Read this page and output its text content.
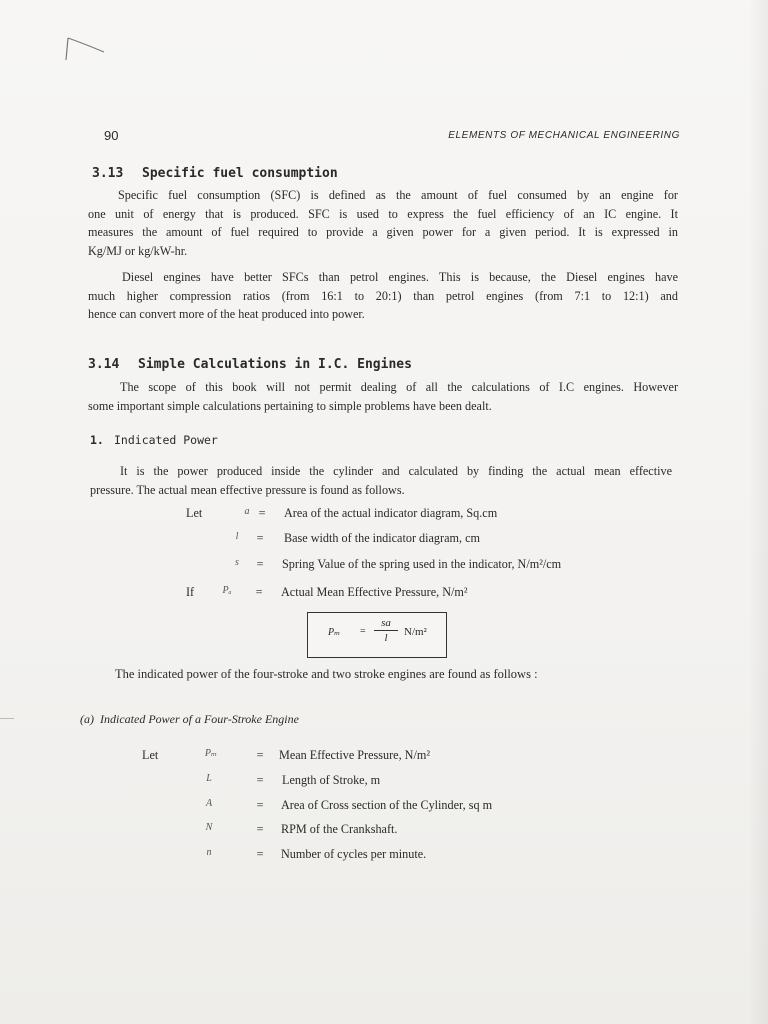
90	ELEMENTS OF MECHANICAL ENGINEERING
3.13 Specific fuel consumption
Specific fuel consumption (SFC) is defined as the amount of fuel consumed by an engine for
one unit of energy that is produced. SFC is used to express the fuel efficiency of an IC engine. It
measures the amount of fuel required to provide a given power for a given period. It is expressed in
Kg/MJ or kg/kW-hr.
Diesel engines have better SFCs than petrol engines. This is because, the Diesel engines have
much higher compression ratios (from 16:1 to 20:1) than petrol engines (from 7:1 to 12:1) and
hence can convert more of the heat produced into power.
3.14 Simple Calculations in I.C. Engines
The scope of this book will not permit dealing of all the calculations of I.C engines. However
some important simple calculations pertaining to simple problems have been dealt.
1. Indicated Power
It is the power produced inside the cylinder and calculated by finding the actual mean effective
pressure. The actual mean effective pressure is found as follows.
Let	a = Area of the actual indicator diagram, Sq.cm
l	= Base width of the indicator diagram, cm
s	= Spring Value of the spring used in the indicator, N/m²/cm
If	Pₐ	= Actual Mean Effective Pressure, N/m²
Pₘ =
sa
l	N/m²
The indicated power of the four-stroke and two stroke engines are found as follows :
(a) Indicated Power of a Four-Stroke Engine
Let	Pₘ	= Mean Effective Pressure, N/m²
L	= Length of Stroke, m
A	= Area of Cross section of the Cylinder, sq m
N	= RPM of the Crankshaft.
n	= Number of cycles per minute.
